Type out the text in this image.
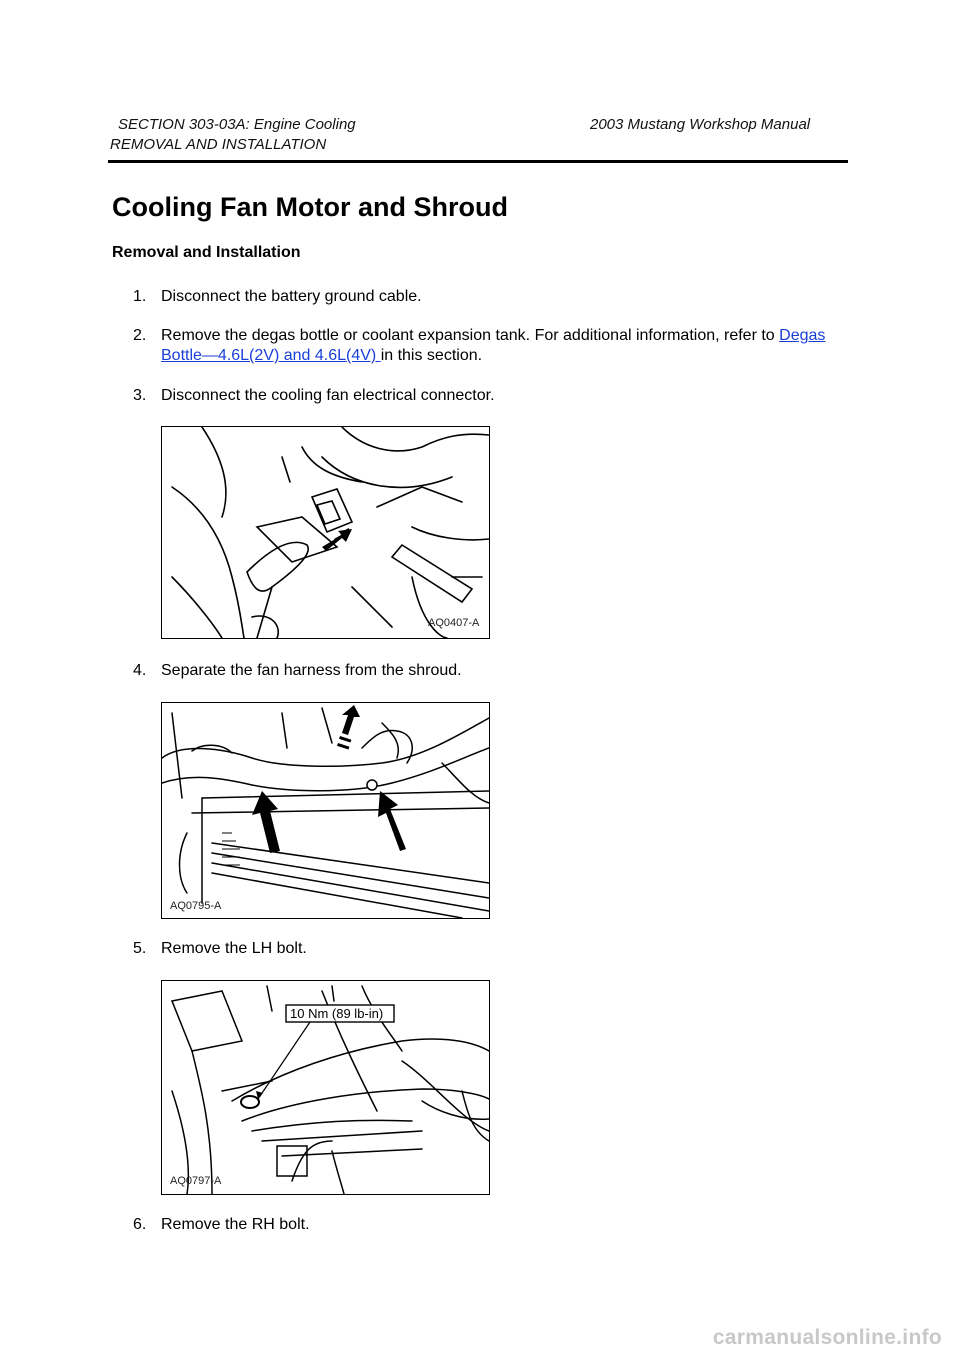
SECTION 303-03A: Engine Cooling	2003 Mustang Workshop Manual
REMOVAL AND INSTALLATION
Cooling Fan Motor and Shroud
Removal and Installation
1. Disconnect the battery ground cable.
2. Remove the degas bottle or coolant expansion tank. For additional information, refer to Degas Bottle—4.6L(2V) and 4.6L(4V) in this section.
3. Disconnect the cooling fan electrical connector.
AQ0407-A
4. Separate the fan harness from the shroud.
AQ0795-A
5. Remove the LH bolt.
10 Nm (89 lb-in)
AQ0797-A
6. Remove the RH bolt.
carmanualsonline.info
